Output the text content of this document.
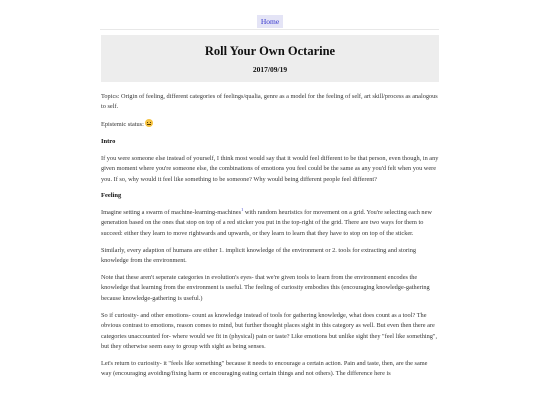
Home
Roll Your Own Octarine
2017/09/19

Topics: Origin of feeling, different categories of feelings/qualia, genre as a model for the feeling of self, art skill/process as analogous to self.

Epistemic status:

Intro

If you were someone else instead of yourself, I think most would say that it would feel different to be that person, even though, in any given moment where you're someone else, the combinations of emotions you feel could be the same as any you'd felt when you were you. If so, why would it feel like something to be someone? Why would being different people feel different?

Feeling

Imagine setting a swarm of machine-learning-machines$^1$ with random heuristics for movement on a grid. You're selecting each new generation based on the ones that stop on top of a red sticker you put in the top-right of the grid. There are two ways for them to succeed: either they learn to move rightwards and upwards, or they learn to learn that they have to stop on top of the sticker.

Similarly, every adaption of humans are either 1. implicit knowledge of the environment or 2. tools for extracting and storing knowledge from the environment.

Note that these aren't seperate categories in evolution's eyes- that we're given tools to learn from the environment encodes the knowledge that learning from the environment is useful. The feeling of curiosity embodies this (encouraging knowledge-gathering because knowledge-gathering is useful.)

So if curiosity- and other emotions- count as knowledge instead of tools for gathering knowledge, what does count as a tool? The obvious contrast to emotions, reason comes to mind, but further thought places sight in this category as well. But even then there are categories unaccounted for- where would we fit in (physical) pain or taste? Like emotions but unlike sight they "feel like something", but they otherwise seem easy to group with sight as being senses.

Let's return to curiosity- it "feels like something" because it needs to encourage a certain action. Pain and taste, then, are the same way (encouraging avoiding/fixing harm or encouraging eating certain things and not others). The difference here is
